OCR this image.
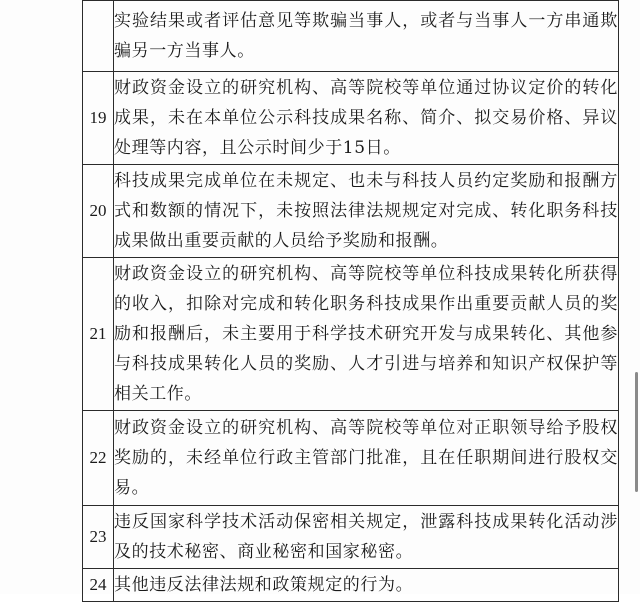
	实验结果或者评估意见等欺骗当事人，或者与当事人一方串通欺骗另一方当事人。
19	财政资金设立的研究机构、高等院校等单位通过协议定价的转化成果，未在本单位公示科技成果名称、简介、拟交易价格、异议处理等内容，且公示时间少于15日。
20	科技成果完成单位在未规定、也未与科技人员约定奖励和报酬方式和数额的情况下，未按照法律法规规定对完成、转化职务科技成果做出重要贡献的人员给予奖励和报酬。
21	财政资金设立的研究机构、高等院校等单位科技成果转化所获得的收入，扣除对完成和转化职务科技成果作出重要贡献人员的奖励和报酬后，未主要用于科学技术研究开发与成果转化、其他参与科技成果转化人员的奖励、人才引进与培养和知识产权保护等相关工作。
22	财政资金设立的研究机构、高等院校等单位对正职领导给予股权奖励的，未经单位行政主管部门批准，且在任职期间进行股权交易。
23	违反国家科学技术活动保密相关规定，泄露科技成果转化活动涉及的技术秘密、商业秘密和国家秘密。
24	其他违反法律法规和政策规定的行为。
